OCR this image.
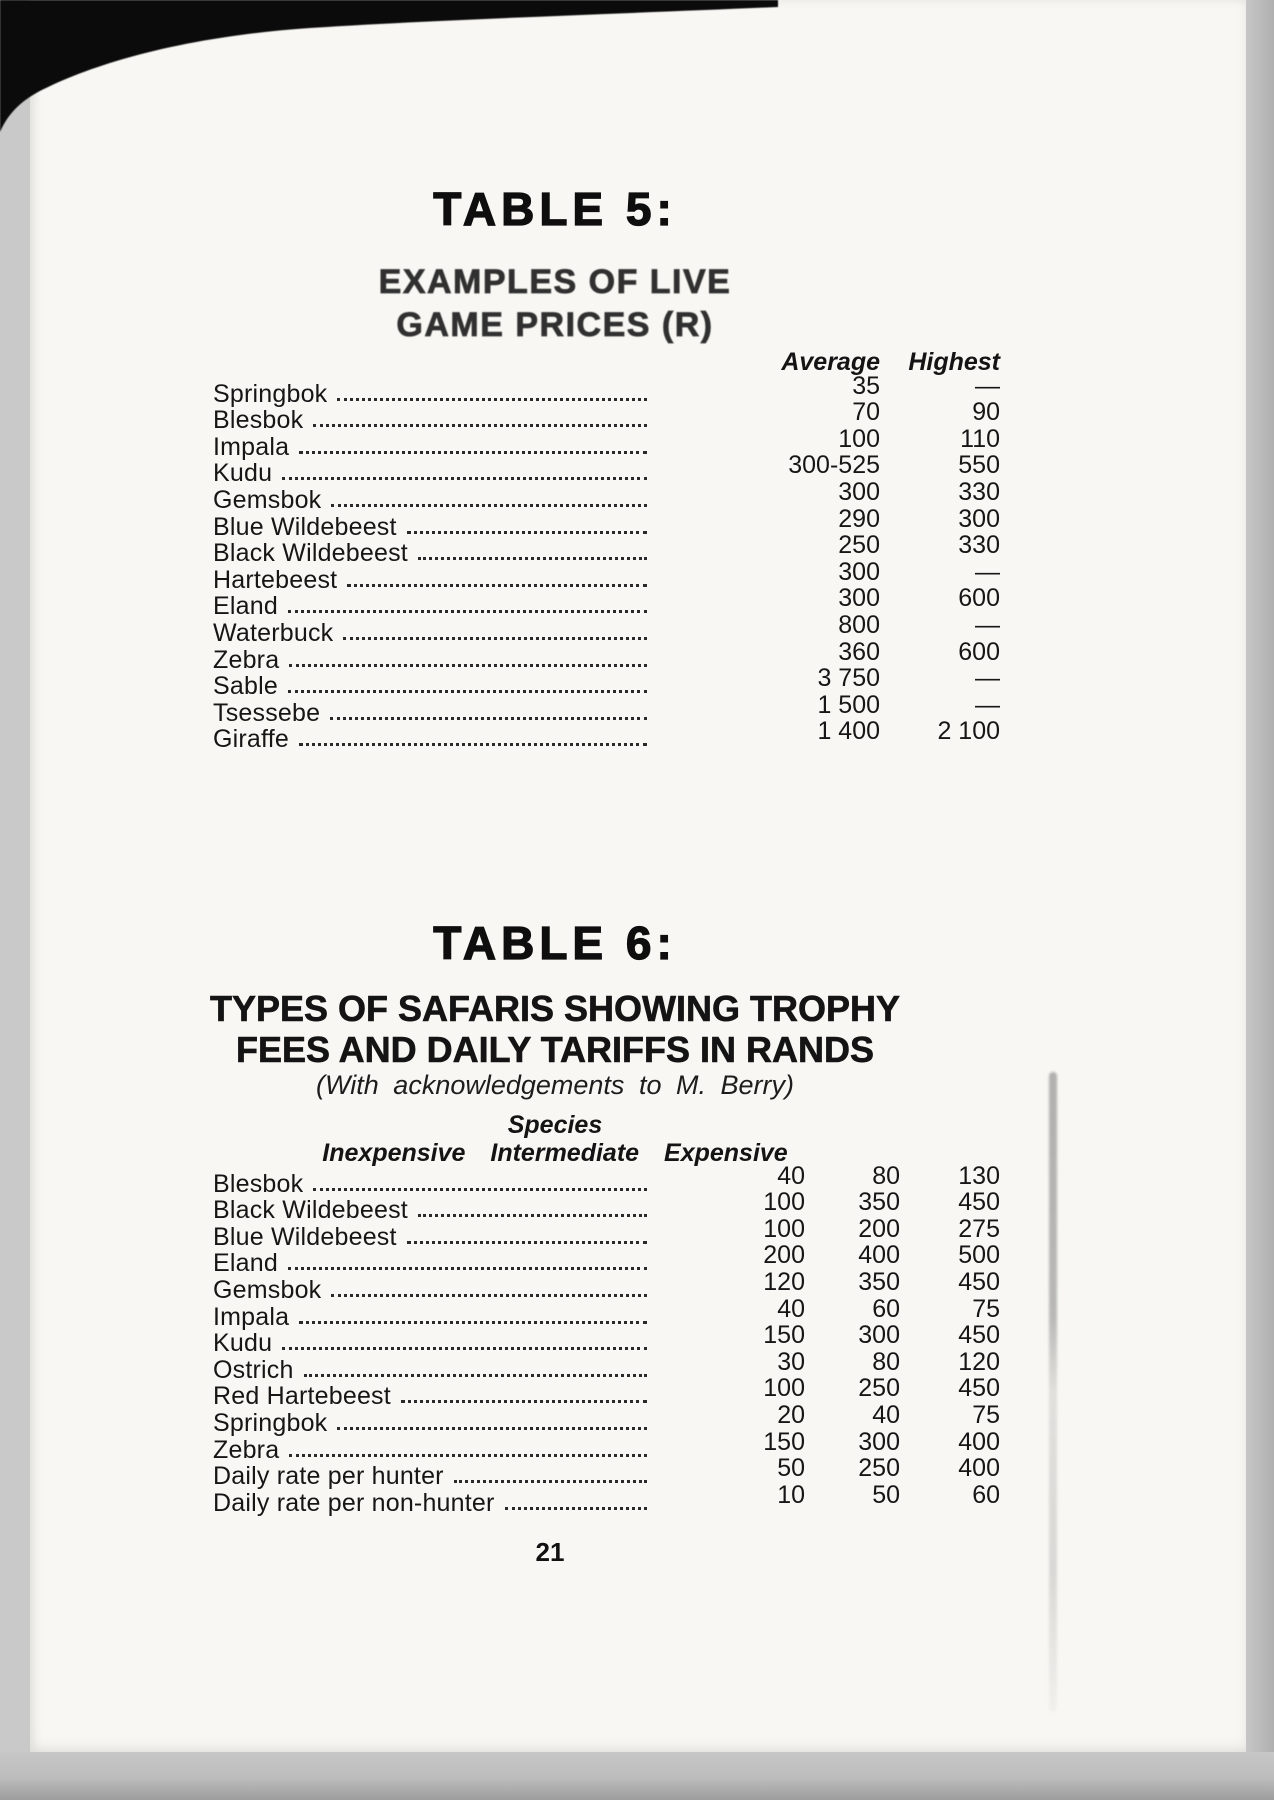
TABLE 5:
EXAMPLES OF LIVE
GAME PRICES (R)
Average	Highest
Springbok	35	—
Blesbok	70	90
Impala	100	110
Kudu	300-525	550
Gemsbok	300	330
Blue Wildebeest	290	300
Black Wildebeest	250	330
Hartebeest	300	—
Eland	300	600
Waterbuck	800	—
Zebra	360	600
Sable	3 750	—
Tsessebe	1 500	—
Giraffe	1 400	2 100
TABLE 6:
TYPES OF SAFARIS SHOWING TROPHY
FEES AND DAILY TARIFFS IN RANDS
(With acknowledgements to M. Berry)
Species
Inexpensive Intermediate Expensive
Blesbok	40	80	130
Black Wildebeest	100	350	450
Blue Wildebeest	100	200	275
Eland	200	400	500
Gemsbok	120	350	450
Impala	40	60	75
Kudu	150	300	450
Ostrich	30	80	120
Red Hartebeest	100	250	450
Springbok	20	40	75
Zebra	150	300	400
Daily rate per hunter	50	250	400
Daily rate per non-hunter	10	50	60
21
